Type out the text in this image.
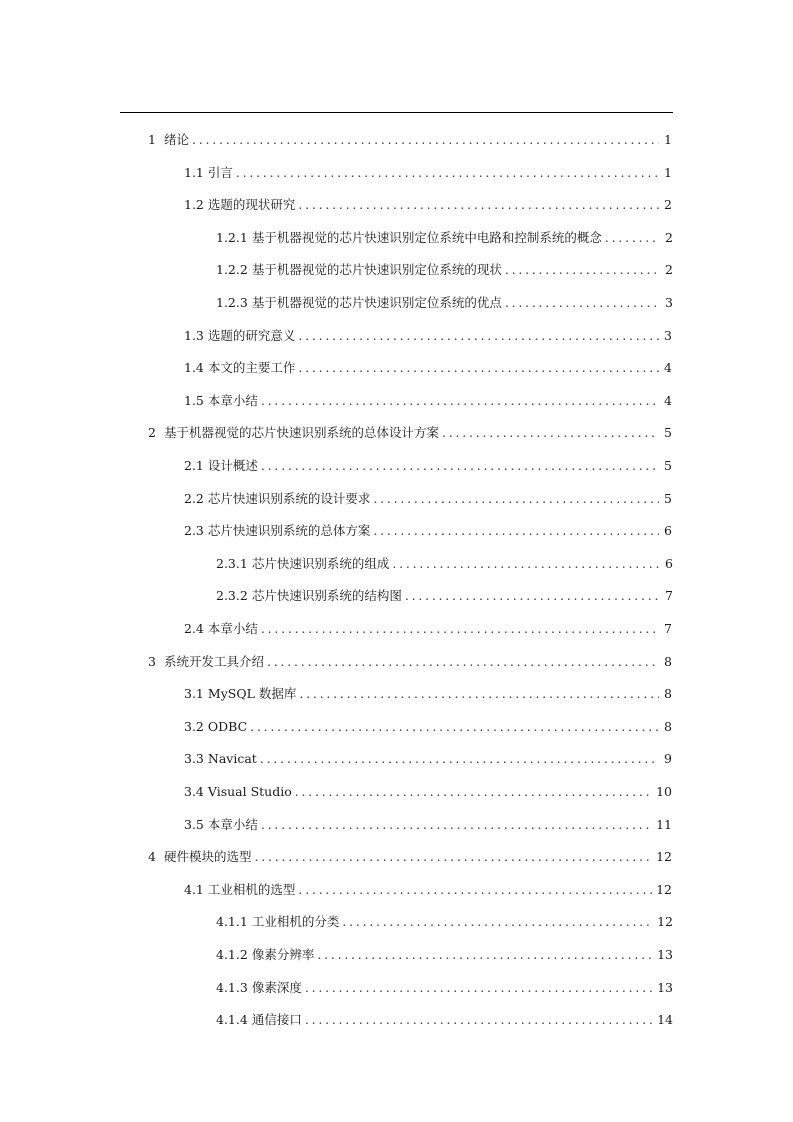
1 绪论 . . .	1
1.1 引言 . . .	1
1.2 选题的现状研究 . . .	2
1.2.1 基于机器视觉的芯片快速识别定位系统中电路和控制系统的概念 . . .	2
1.2.2 基于机器视觉的芯片快速识别定位系统的现状 . . .	2
1.2.3 基于机器视觉的芯片快速识别定位系统的优点 . . .	3
1.3 选题的研究意义 . . .	3
1.4 本文的主要工作 . . .	4
1.5 本章小结 . . .	4
2 基于机器视觉的芯片快速识别系统的总体设计方案 . . .	5
2.1 设计概述 . . .	5
2.2 芯片快速识别系统的设计要求 . . .	5
2.3 芯片快速识别系统的总体方案 . . .	6
2.3.1 芯片快速识别系统的组成 . . .	6
2.3.2 芯片快速识别系统的结构图 . . .	7
2.4 本章小结 . . .	7
3 系统开发工具介绍 . . .	8
3.1 MySQL 数据库 . . .	8
3.2 ODBC . . .	8
3.3 Navicat . . .	9
3.4 Visual Studio . . .	10
3.5 本章小结 . . .	11
4 硬件模块的选型 . . .	12
4.1 工业相机的选型 . . .	12
4.1.1 工业相机的分类 . . .	12
4.1.2 像素分辨率 . . .	13
4.1.3 像素深度 . . .	13
4.1.4 通信接口 . . .	14
